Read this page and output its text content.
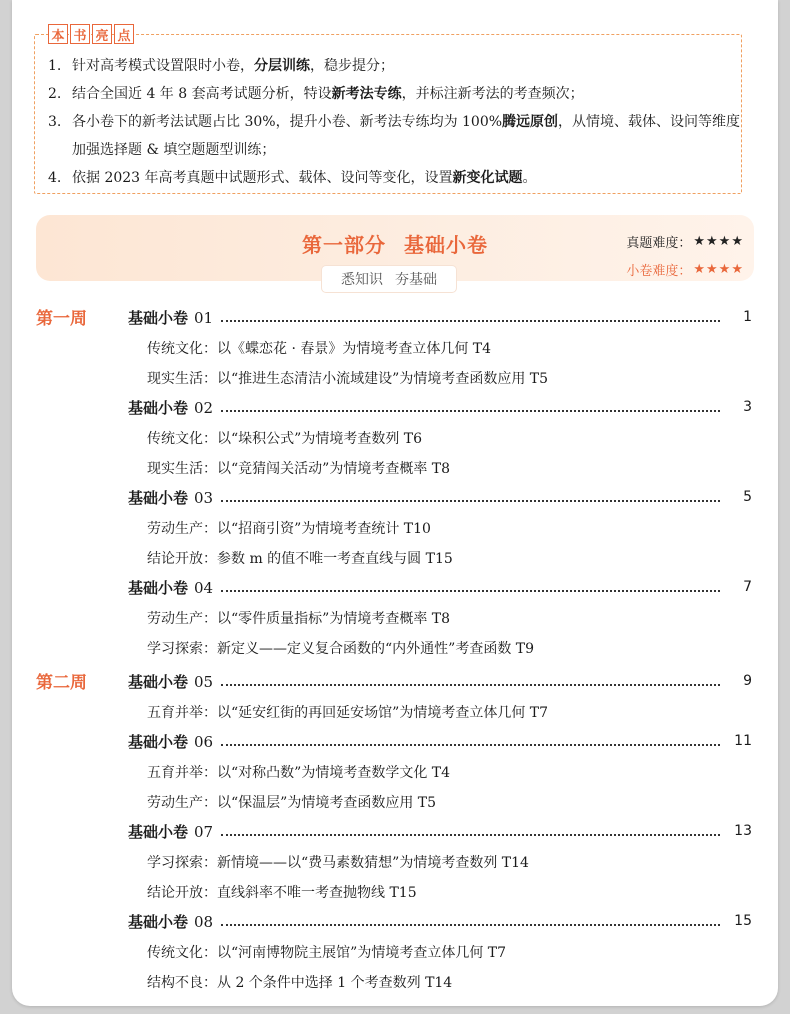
本 书 亮 点
1. 针对高考模式设置限时小卷，分层训练，稳步提分；
2. 结合全国近 4 年 8 套高考试题分析，特设新考法专练，并标注新考法的考查频次；
3. 各小卷下的新考法试题占比 30%，提升小卷、新考法专练均为 100%腾远原创，从情境、载体、设问等维度加强选择题 & 填空题题型训练；
4. 依据 2023 年高考真题中试题形式、载体、设问等变化，设置新变化试题。
第一部分 基础小卷
悉知识 夯基础
真题难度： ★★★★
小卷难度： ★★★★
第一周	基础小卷 01	1
传统文化：以《蝶恋花 · 春景》为情境考查立体几何 T4
现实生活：以“推进生态清洁小流域建设”为情境考查函数应用 T5
基础小卷 02	3
传统文化：以“垛积公式”为情境考查数列 T6
现实生活：以“竞猜闯关活动”为情境考查概率 T8
基础小卷 03	5
劳动生产：以“招商引资”为情境考查统计 T10
结论开放：参数 m 的值不唯一考查直线与圆 T15
基础小卷 04	7
劳动生产：以“零件质量指标”为情境考查概率 T8
学习探索：新定义——定义复合函数的“内外通性”考查函数 T9
第二周	基础小卷 05	9
五育并举：以“延安红街的再回延安场馆”为情境考查立体几何 T7
基础小卷 06	11
五育并举：以“对称凸数”为情境考查数学文化 T4
劳动生产：以“保温层”为情境考查函数应用 T5
基础小卷 07	13
学习探索：新情境——以“费马素数猜想”为情境考查数列 T14
结论开放：直线斜率不唯一考查抛物线 T15
基础小卷 08	15
传统文化：以“河南博物院主展馆”为情境考查立体几何 T7
结构不良：从 2 个条件中选择 1 个考查数列 T14
